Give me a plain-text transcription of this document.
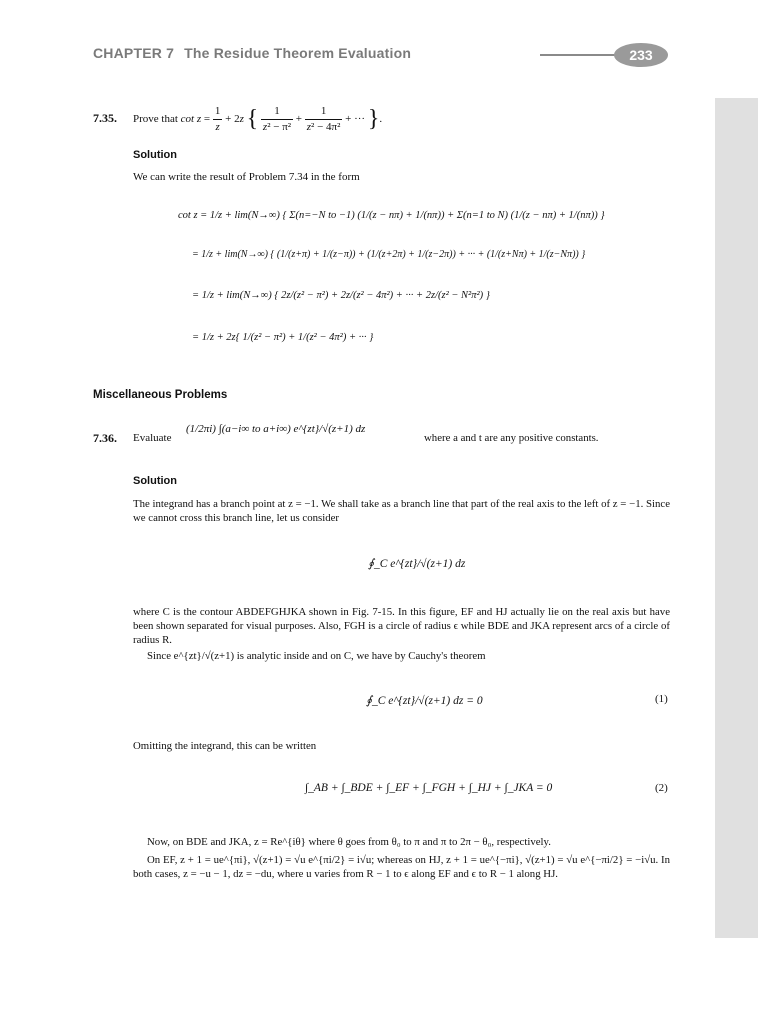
CHAPTER 7 The Residue Theorem Evaluation	233
7.35. Prove that $\cot z = \frac{1}{z} + 2z$ { $\frac{1}{\text{z² − π²}} + \frac{1}{\text{z² − 4π²}}$ + ··· }.
Solution
We can write the result of Problem 7.34 in the form
cot z = 1/z + lim(N→∞) { Σ(n=−N to −1) (1/(z − nπ) + 1/(nπ)) + Σ(n=1 to N) (1/(z − nπ) + 1/(nπ)) }
= 1/z + lim(N→∞) { (1/(z+π) + 1/(z−π)) + (1/(z+2π) + 1/(z−2π)) + ··· + (1/(z+Nπ) + 1/(z−Nπ)) }
= 1/z + lim(N→∞) { 2z/(z² − π²) + 2z/(z² − 4π²) + ··· + 2z/(z² − N²π²) }
= 1/z + 2z{ 1/(z² − π²) + 1/(z² − 4π²) + ··· }
Miscellaneous Problems
7.36. Evaluate
(1/2πi) ∫(a−i∞ to a+i∞) e^{zt}/√(z+1) dz
where a and t are any positive constants.
Solution
The integrand has a branch point at z = −1. We shall take as a branch line that part of the real axis to the left of z = −1. Since we cannot cross this branch line, let us consider
∮_C e^{zt}/√(z+1) dz
where C is the contour ABDEFGHJKA shown in Fig. 7-15. In this figure, EF and HJ actually lie on the real axis but have been shown separated for visual purposes. Also, FGH is a circle of radius ϵ while BDE and JKA represent arcs of a circle of radius R.
Since e^{zt}/√(z+1) is analytic inside and on C, we have by Cauchy's theorem
∮_C e^{zt}/√(z+1) dz = 0	(1)
Omitting the integrand, this can be written
∫_AB + ∫_BDE + ∫_EF + ∫_FGH + ∫_HJ + ∫_JKA = 0	(2)
Now, on BDE and JKA, z = Re^{iθ} where θ goes from θ₀ to π and π to 2π − θ₀, respectively.
On EF, z + 1 = ue^{πi}, √(z+1) = √u e^{πi/2} = i√u; whereas on HJ, z + 1 = ue^{−πi}, √(z+1) = √u e^{−πi/2} = −i√u. In both cases, z = −u − 1, dz = −du, where u varies from R − 1 to ϵ along EF and ϵ to R − 1 along HJ.
